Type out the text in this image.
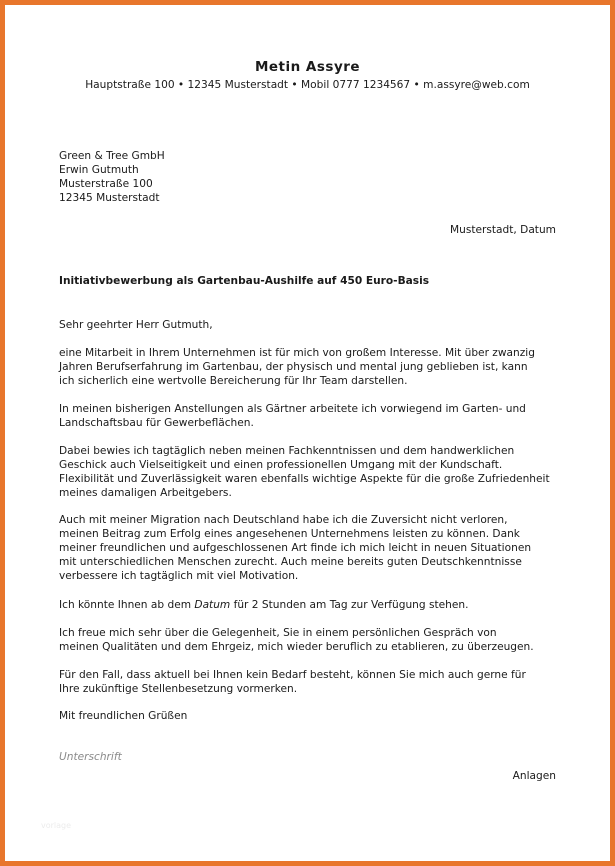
Metin Assyre

Hauptstraße 100 • 12345 Musterstadt • Mobil 0777 1234567 • m.assyre@web.com

Green & Tree GmbH
Erwin Gutmuth
Musterstraße 100
12345 Musterstadt

Musterstadt, Datum

Initiativbewerbung als Gartenbau-Aushilfe auf 450 Euro-Basis

Sehr geehrter Herr Gutmuth,

eine Mitarbeit in Ihrem Unternehmen ist für mich von großem Interesse. Mit über zwanzig
Jahren Berufserfahrung im Gartenbau, der physisch und mental jung geblieben ist, kann
ich sicherlich eine wertvolle Bereicherung für Ihr Team darstellen.

In meinen bisherigen Anstellungen als Gärtner arbeitete ich vorwiegend im Garten- und
Landschaftsbau für Gewerbeflächen.

Dabei bewies ich tagtäglich neben meinen Fachkenntnissen und dem handwerklichen
Geschick auch Vielseitigkeit und einen professionellen Umgang mit der Kundschaft.
Flexibilität und Zuverlässigkeit waren ebenfalls wichtige Aspekte für die große Zufriedenheit
meines damaligen Arbeitgebers.

Auch mit meiner Migration nach Deutschland habe ich die Zuversicht nicht verloren,
meinen Beitrag zum Erfolg eines angesehenen Unternehmens leisten zu können. Dank
meiner freundlichen und aufgeschlossenen Art finde ich mich leicht in neuen Situationen
mit unterschiedlichen Menschen zurecht. Auch meine bereits guten Deutschkenntnisse
verbessere ich tagtäglich mit viel Motivation.

Ich könnte Ihnen ab dem Datum für 2 Stunden am Tag zur Verfügung stehen.

Ich freue mich sehr über die Gelegenheit, Sie in einem persönlichen Gespräch von
meinen Qualitäten und dem Ehrgeiz, mich wieder beruflich zu etablieren, zu überzeugen.

Für den Fall, dass aktuell bei Ihnen kein Bedarf besteht, können Sie mich auch gerne für
Ihre zukünftige Stellenbesetzung vormerken.

Mit freundlichen Grüßen

Unterschrift

Anlagen

vorlage
